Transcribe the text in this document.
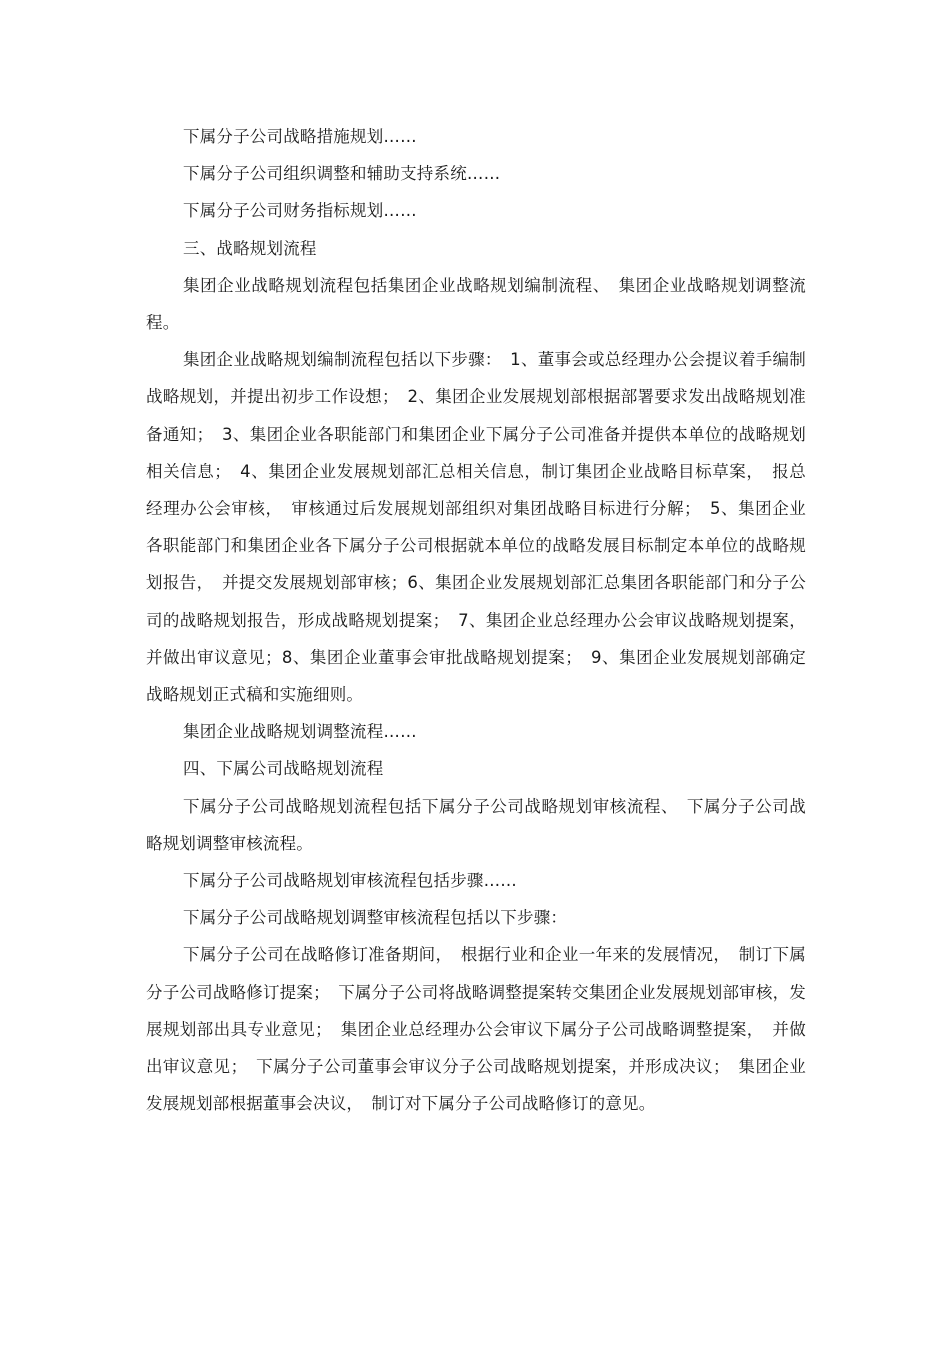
下属分子公司战略措施规划……

下属分子公司组织调整和辅助支持系统……

下属分子公司财务指标规划……

三、战略规划流程

集团企业战略规划流程包括集团企业战略规划编制流程、　集团企业战略规划调整流程。

集团企业战略规划编制流程包括以下步骤：　1、董事会或总经理办公会提议着手编制战略规划，并提出初步工作设想；　2、集团企业发展规划部根据部署要求发出战略规划准备通知；　3、集团企业各职能部门和集团企业下属分子公司准备并提供本单位的战略规划相关信息；　4、集团企业发展规划部汇总相关信息，制订集团企业战略目标草案，　报总经理办公会审核，　审核通过后发展规划部组织对集团战略目标进行分解；　5、集团企业各职能部门和集团企业各下属分子公司根据就本单位的战略发展目标制定本单位的战略规划报告，　并提交发展规划部审核；6、集团企业发展规划部汇总集团各职能部门和分子公司的战略规划报告，形成战略规划提案；　7、集团企业总经理办公会审议战略规划提案，并做出审议意见；8、集团企业董事会审批战略规划提案；　9、集团企业发展规划部确定战略规划正式稿和实施细则。

集团企业战略规划调整流程……

四、下属公司战略规划流程

下属分子公司战略规划流程包括下属分子公司战略规划审核流程、　下属分子公司战略规划调整审核流程。

下属分子公司战略规划审核流程包括步骤……

下属分子公司战略规划调整审核流程包括以下步骤：

下属分子公司在战略修订准备期间，　根据行业和企业一年来的发展情况，　制订下属分子公司战略修订提案；　下属分子公司将战略调整提案转交集团企业发展规划部审核，发展规划部出具专业意见；　集团企业总经理办公会审议下属分子公司战略调整提案，　并做出审议意见；　下属分子公司董事会审议分子公司战略规划提案，并形成决议；　集团企业发展规划部根据董事会决议，　制订对下属分子公司战略修订的意见。
